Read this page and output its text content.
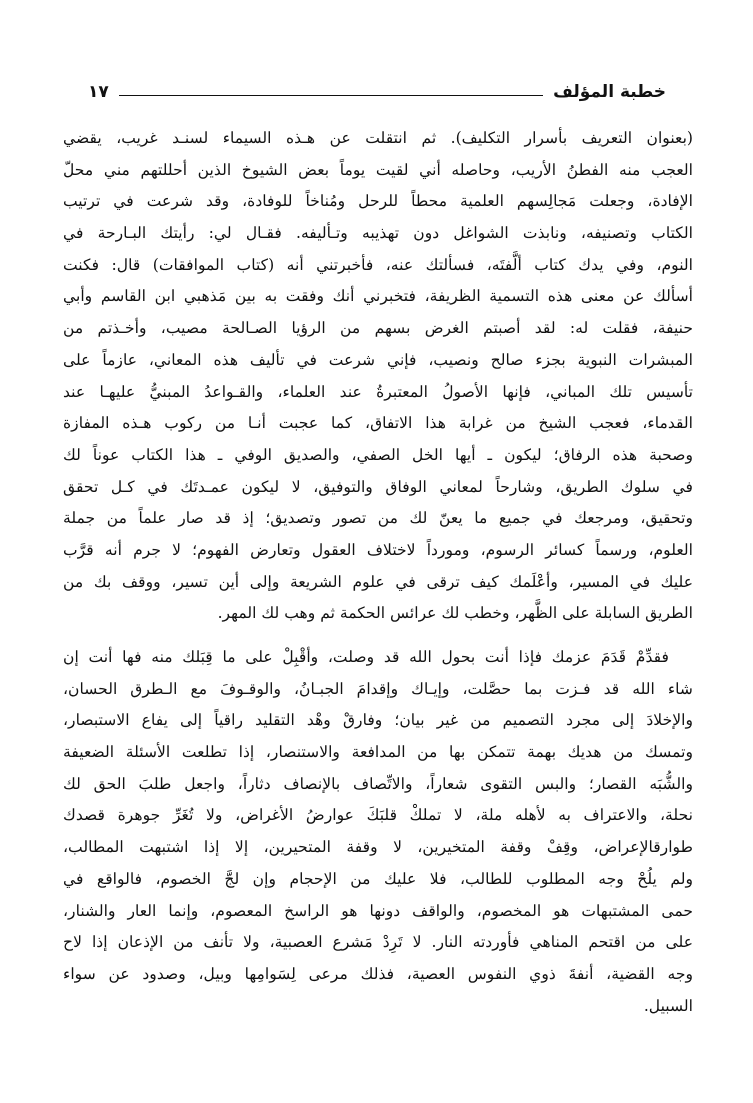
خطبة المؤلف
١٧
(بعنوان التعريف بأسرار التكليف). ثم انتقلت عن هـذه السيماء لسنـد غريب، يقضي
العجب منه الفطنُ الأريب، وحاصله أني لقيت يوماً بعض الشيوخ الذين أحللتهم مني محلّ
الإفادة، وجعلت مَجالِسهم العلمية محطاً للرحل ومُناخاً للوفادة، وقد شرعت في ترتيب
الكتاب وتصنيفه، ونابذت الشواغل دون تهذيبه وتـأليفه. فقـال لي: رأيتك البـارحة في
النوم، وفي يدك كتاب ألَّفتَه، فسألتك عنه، فأخبرتني أنه (كتاب الموافقات) قال: فكنت
أسألك عن معنى هذه التسمية الظريفة، فتخبرني أنك وفقت به بين مَذهبي ابن القاسم وأبي
حنيفة، فقلت له: لقد أصبتم الغرض بسهم من الرؤيا الصـالحة مصيب، وأخـذتم من
المبشرات النبوية بجزء صالح ونصيب، فإني شرعت في تأليف هذه المعاني، عازماً على
تأسيس تلك المباني، فإنها الأصولُ المعتبرةُ عند العلماء، والقـواعدُ المبنيُّ عليهـا عند
القدماء، فعجب الشيخ من غرابة هذا الاتفاق، كما عجبت أنـا من ركوب هـذه المفازة
وصحبة هذه الرفاق؛ ليكون ـ أيها الخل الصفي، والصديق الوفي ـ هذا الكتاب عوناً لك
في سلوك الطريق، وشارحاً لمعاني الوفاق والتوفيق، لا ليكون عمـدتَك في كـل تحقق
وتحقيق، ومرجعك في جميع ما يعنّ لك من تصور وتصديق؛ إذ قد صار علماً من جملة
العلوم، ورسماً كسائر الرسوم، ومورداً لاختلاف العقول وتعارض الفهوم؛ لا جرم أنه قرَّب
عليك في المسير، وأعْلَمك كيف ترقى في علوم الشريعة وإلى أين تسير، ووقف بك من
الطريق السابلة على الظَّهر، وخطب لك عرائس الحكمة ثم وهب لك المهر.
فقدِّمْ قَدَمَ عزمك فإذا أنت بحول الله قد وصلت، وأقْبِلْ على ما قِبَلك منه فها أنت إن
شاء الله قد فـزت بما حصَّلت، وإيـاك وإقدامَ الجبـانُ، والوقـوفَ مع الـطرق الحسان،
والإخلادَ إلى مجرد التصميم من غير بيان؛ وفارقْ وهْد التقليد راقياً إلى يفاع الاستبصار،
وتمسك من هديك بهمة تتمكن بها من المدافعة والاستنصار، إذا تطلعت الأسئلة الضعيفة
والشُّبَه القصار؛ والبس التقوى شعاراً، والاتِّصاف بالإنصاف دثاراً، واجعل طلبَ الحق لك
نحلة، والاعتراف به لأهله ملة، لا تملكْ قلبَكَ عوارضُ الأغراض، ولا تُغَرِّ جوهرة قصدك
طوارقالإعراض، وقِفْ وقفة المتخيرين، لا وقفة المتحيرين، إلا إذا اشتبهت المطالب،
ولم يلُحْ وجه المطلوب للطالب، فلا عليك من الإحجام وإن لجَّ الخصوم، فالواقع في
حمى المشتبهات هو المخصوم، والواقف دونها هو الراسخ المعصوم، وإنما العار والشنار،
على من اقتحم المناهي فأوردته النار. لا تَرِدْ مَشرع العصبية، ولا تأنف من الإذعان إذا لاح
وجه القضية، أنفةَ ذوي النفوس العصية، فذلك مرعى لِسَوامِها وبيل، وصدود عن سواء
السبيل.
